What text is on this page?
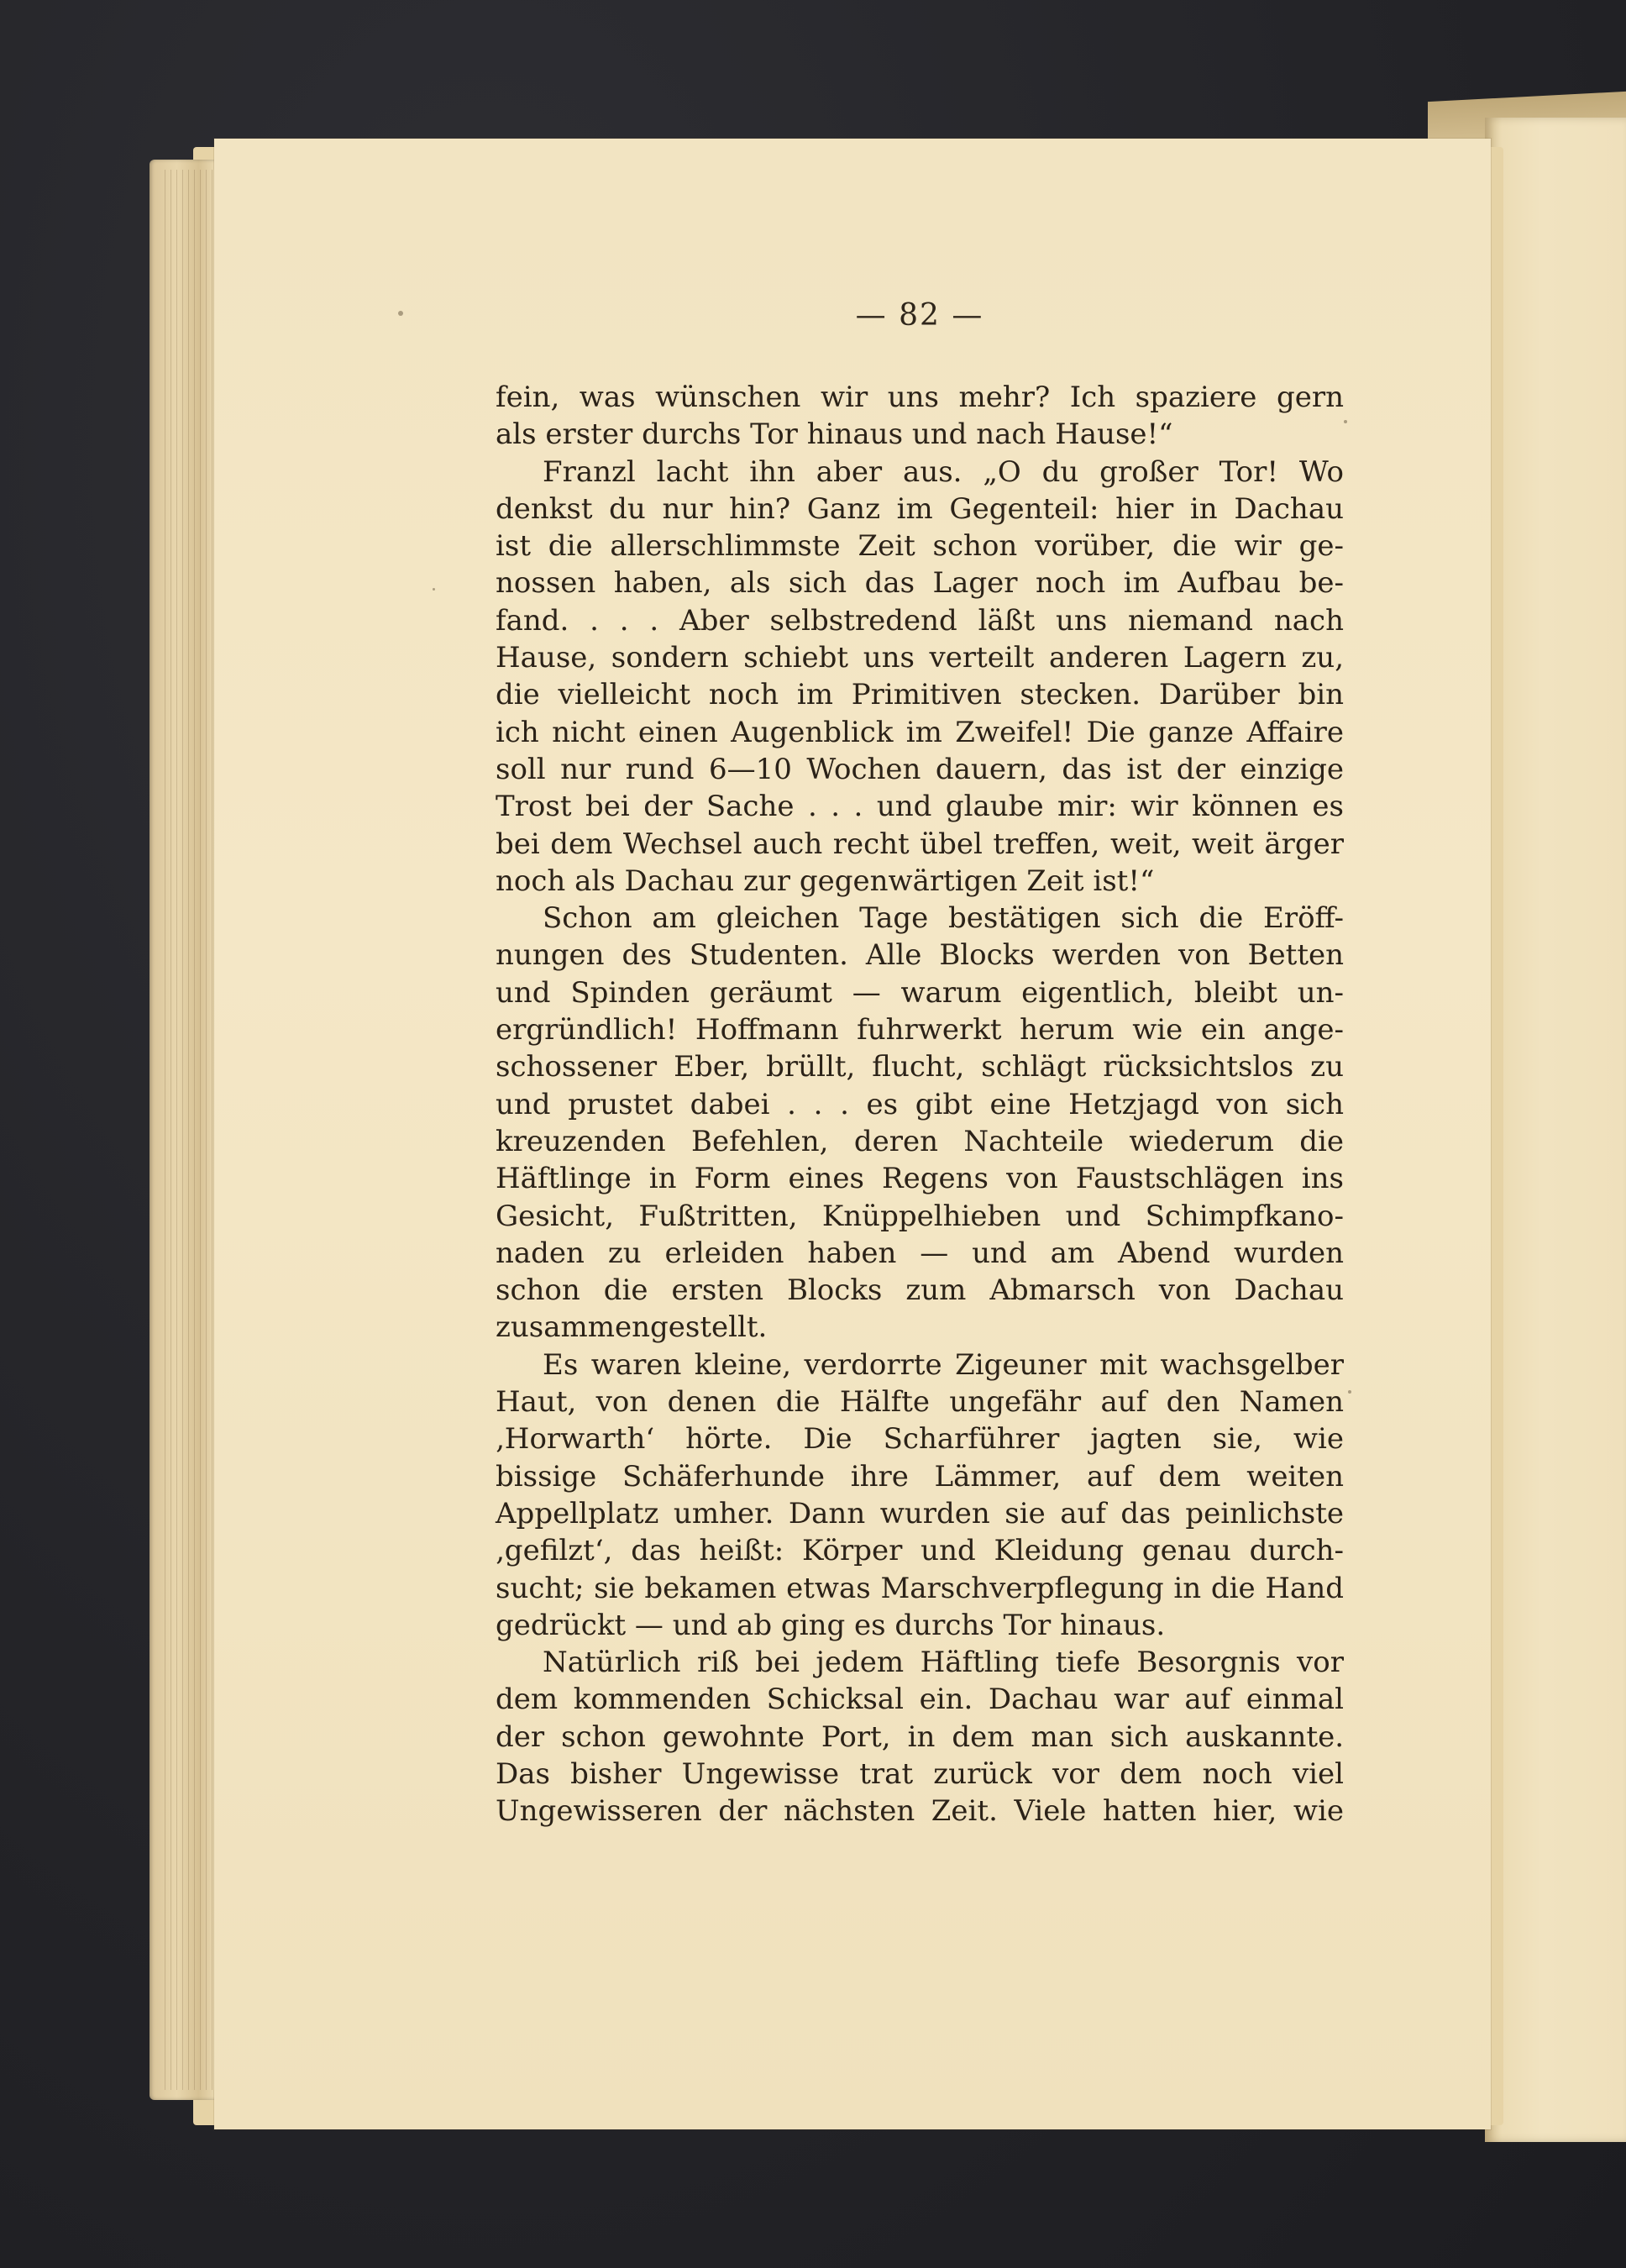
— 82 —
fein, was wünschen wir uns mehr? Ich spaziere gern
als erster durchs Tor hinaus und nach Hause!“
Franzl lacht ihn aber aus. „O du großer Tor! Wo
denkst du nur hin? Ganz im Gegenteil: hier in Dachau
ist die allerschlimmste Zeit schon vorüber, die wir ge-
nossen haben, als sich das Lager noch im Aufbau be-
fand. . . . Aber selbstredend läßt uns niemand nach
Hause, sondern schiebt uns verteilt anderen Lagern zu,
die vielleicht noch im Primitiven stecken. Darüber bin
ich nicht einen Augenblick im Zweifel! Die ganze Affaire
soll nur rund 6—10 Wochen dauern, das ist der einzige
Trost bei der Sache . . . und glaube mir: wir können es
bei dem Wechsel auch recht übel treffen, weit, weit ärger
noch als Dachau zur gegenwärtigen Zeit ist!“
Schon am gleichen Tage bestätigen sich die Eröff-
nungen des Studenten. Alle Blocks werden von Betten
und Spinden geräumt — warum eigentlich, bleibt un-
ergründlich! Hoffmann fuhrwerkt herum wie ein ange-
schossener Eber, brüllt, flucht, schlägt rücksichtslos zu
und prustet dabei . . . es gibt eine Hetzjagd von sich
kreuzenden Befehlen, deren Nachteile wiederum die
Häftlinge in Form eines Regens von Faustschlägen ins
Gesicht, Fußtritten, Knüppelhieben und Schimpfkano-
naden zu erleiden haben — und am Abend wurden
schon die ersten Blocks zum Abmarsch von Dachau
zusammengestellt.
Es waren kleine, verdorrte Zigeuner mit wachsgelber
Haut, von denen die Hälfte ungefähr auf den Namen
‚Horwarth‘ hörte. Die Scharführer jagten sie, wie
bissige Schäferhunde ihre Lämmer, auf dem weiten
Appellplatz umher. Dann wurden sie auf das peinlichste
‚gefilzt‘, das heißt: Körper und Kleidung genau durch-
sucht; sie bekamen etwas Marschverpflegung in die Hand
gedrückt — und ab ging es durchs Tor hinaus.
Natürlich riß bei jedem Häftling tiefe Besorgnis vor
dem kommenden Schicksal ein. Dachau war auf einmal
der schon gewohnte Port, in dem man sich auskannte.
Das bisher Ungewisse trat zurück vor dem noch viel
Ungewisseren der nächsten Zeit. Viele hatten hier, wie
